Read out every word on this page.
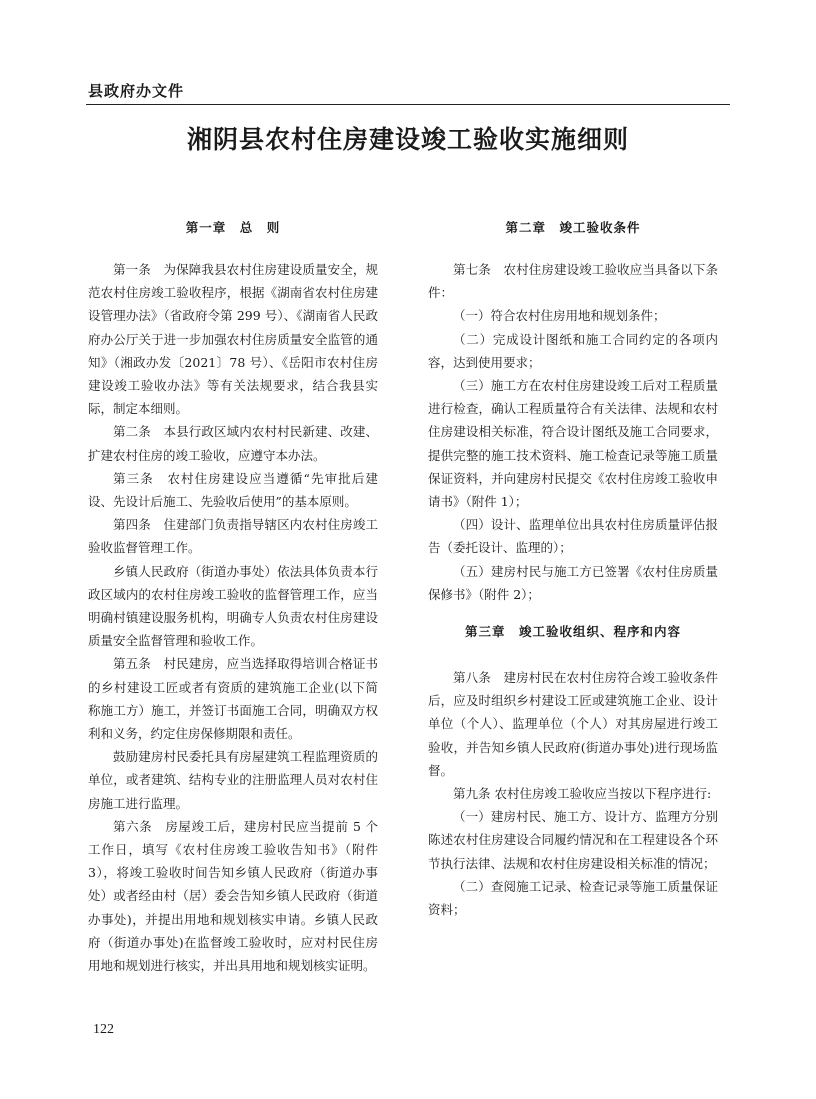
县政府办文件
湘阴县农村住房建设竣工验收实施细则
第一章　总　则

第一条　为保障我县农村住房建设质量安全，规范农村住房竣工验收程序，根据《湖南省农村住房建设管理办法》（省政府令第 299 号）、《湖南省人民政府办公厅关于进一步加强农村住房质量安全监管的通知》（湘政办发〔2021〕78 号）、《岳阳市农村住房建设竣工验收办法》等有关法规要求，结合我县实际，制定本细则。

第二条　本县行政区域内农村村民新建、改建、扩建农村住房的竣工验收，应遵守本办法。

第三条　农村住房建设应当遵循“先审批后建设、先设计后施工、先验收后使用”的基本原则。

第四条　住建部门负责指导辖区内农村住房竣工验收监督管理工作。

乡镇人民政府（街道办事处）依法具体负责本行政区域内的农村住房竣工验收的监督管理工作，应当明确村镇建设服务机构，明确专人负责农村住房建设质量安全监督管理和验收工作。

第五条　村民建房，应当选择取得培训合格证书的乡村建设工匠或者有资质的建筑施工企业(以下简称施工方）施工，并签订书面施工合同，明确双方权利和义务，约定住房保修期限和责任。

鼓励建房村民委托具有房屋建筑工程监理资质的单位，或者建筑、结构专业的注册监理人员对农村住房施工进行监理。

第六条　房屋竣工后，建房村民应当提前 5 个工作日，填写《农村住房竣工验收告知书》（附件 3），将竣工验收时间告知乡镇人民政府（街道办事处）或者经由村（居）委会告知乡镇人民政府（街道办事处)，并提出用地和规划核实申请。乡镇人民政府（街道办事处)在监督竣工验收时，应对村民住房用地和规划进行核实，并出具用地和规划核实证明。

第二章　竣工验收条件

第七条　农村住房建设竣工验收应当具备以下条件：

（一）符合农村住房用地和规划条件；

（二）完成设计图纸和施工合同约定的各项内容，达到使用要求；

（三）施工方在农村住房建设竣工后对工程质量进行检查，确认工程质量符合有关法律、法规和农村住房建设相关标准，符合设计图纸及施工合同要求，提供完整的施工技术资料、施工检查记录等施工质量保证资料，并向建房村民提交《农村住房竣工验收申请书》（附件 1）；

（四）设计、监理单位出具农村住房质量评估报告（委托设计、监理的）；

（五）建房村民与施工方已签署《农村住房质量保修书》（附件 2）；

第三章　竣工验收组织、程序和内容

第八条　建房村民在农村住房符合竣工验收条件后，应及时组织乡村建设工匠或建筑施工企业、设计单位（个人）、监理单位（个人）对其房屋进行竣工验收，并告知乡镇人民政府(街道办事处)进行现场监督。

第九条 农村住房竣工验收应当按以下程序进行:

（一）建房村民、施工方、设计方、监理方分别陈述农村住房建设合同履约情况和在工程建设各个环节执行法律、法规和农村住房建设相关标准的情况；

（二）查阅施工记录、检查记录等施工质量保证资料；

122
